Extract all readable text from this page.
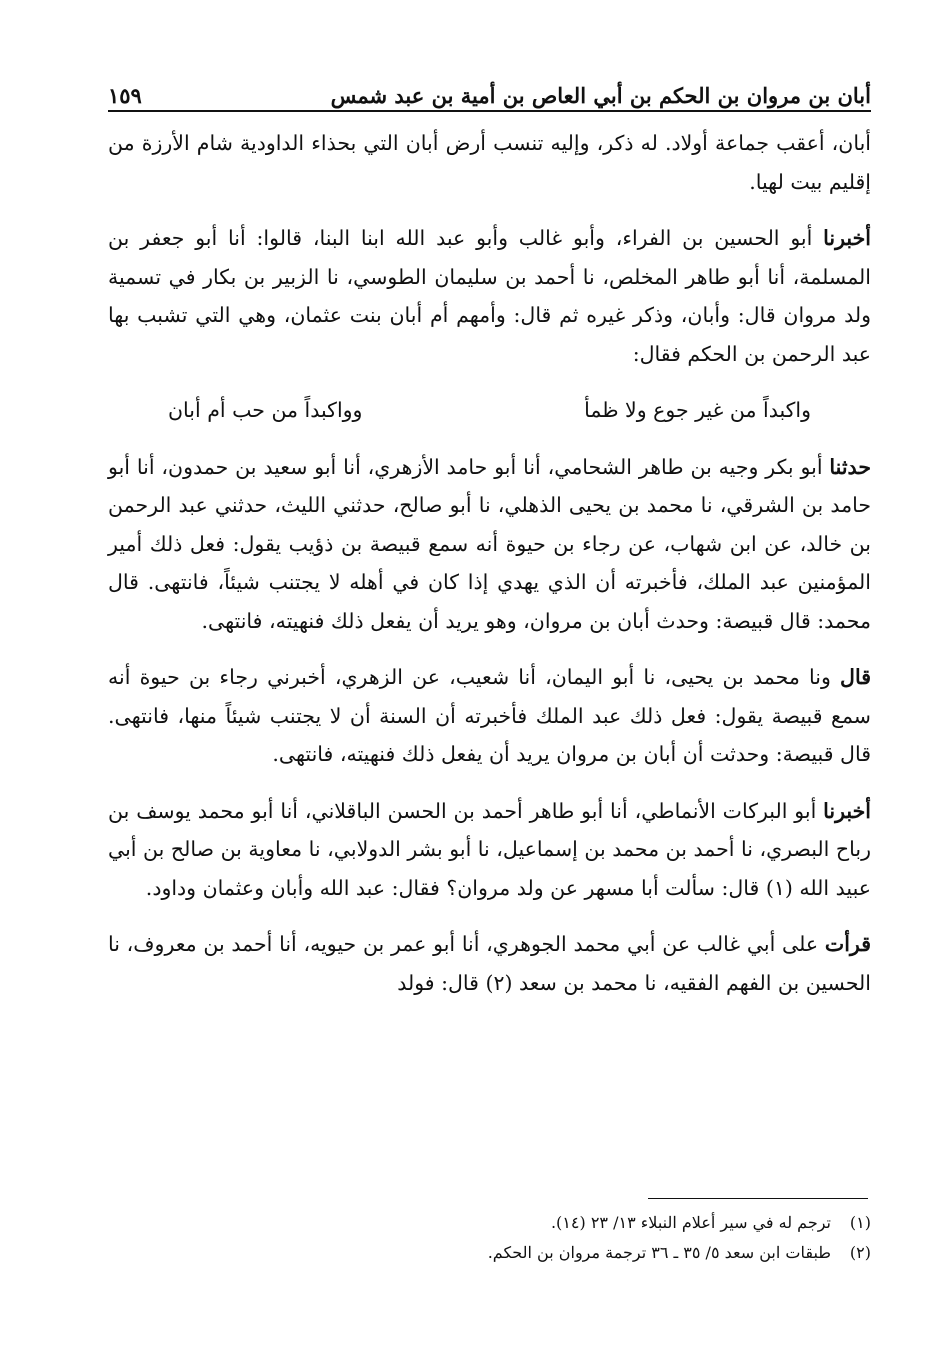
أبان بن مروان بن الحكم بن أبي العاص بن أمية بن عبد شمس
١٥٩

أبان، أعقب جماعة أولاد. له ذكر، وإليه تنسب أرض أبان التي بحذاء الداودية شام الأرزة من إقليم بيت لهيا.

أخبرنا أبو الحسين بن الفراء، وأبو غالب وأبو عبد الله ابنا البنا، قالوا: أنا أبو جعفر بن المسلمة، أنا أبو طاهر المخلص، نا أحمد بن سليمان الطوسي، نا الزبير بن بكار في تسمية ولد مروان قال: وأبان، وذكر غيره ثم قال: وأمهم أم أبان بنت عثمان، وهي التي تشبب بها عبد الرحمن بن الحكم فقال:

واكبداً من غير جوع ولا ظمأ
وواكبداً من حب أم أبان

حدثنا أبو بكر وجيه بن طاهر الشحامي، أنا أبو حامد الأزهري، أنا أبو سعيد بن حمدون، أنا أبو حامد بن الشرقي، نا محمد بن يحيى الذهلي، نا أبو صالح، حدثني الليث، حدثني عبد الرحمن بن خالد، عن ابن شهاب، عن رجاء بن حيوة أنه سمع قبيصة بن ذؤيب يقول: فعل ذلك أمير المؤمنين عبد الملك، فأخبرته أن الذي يهدي إذا كان في أهله لا يجتنب شيئاً، فانتهى. قال محمد: قال قبيصة: وحدث أبان بن مروان، وهو يريد أن يفعل ذلك فنهيته، فانتهى.

قال ونا محمد بن يحيى، نا أبو اليمان، أنا شعيب، عن الزهري، أخبرني رجاء بن حيوة أنه سمع قبيصة يقول: فعل ذلك عبد الملك فأخبرته أن السنة أن لا يجتنب شيئاً منها، فانتهى. قال قبيصة: وحدثت أن أبان بن مروان يريد أن يفعل ذلك فنهيته، فانتهى.

أخبرنا أبو البركات الأنماطي، أنا أبو طاهر أحمد بن الحسن الباقلاني، أنا أبو محمد يوسف بن رباح البصري، نا أحمد بن محمد بن إسماعيل، نا أبو بشر الدولابي، نا معاوية بن صالح بن أبي عبيد الله (١) قال: سألت أبا مسهر عن ولد مروان؟ فقال: عبد الله وأبان وعثمان وداود.

قرأت على أبي غالب عن أبي محمد الجوهري، أنا أبو عمر بن حيويه، أنا أحمد بن معروف، نا الحسين بن الفهم الفقيه، نا محمد بن سعد (٢) قال: فولد

(١)
ترجم له في سير أعلام النبلاء ١٣/ ٢٣ (١٤).
(٢)
طبقات ابن سعد ٥/ ٣٥ ـ ٣٦ ترجمة مروان بن الحكم.
